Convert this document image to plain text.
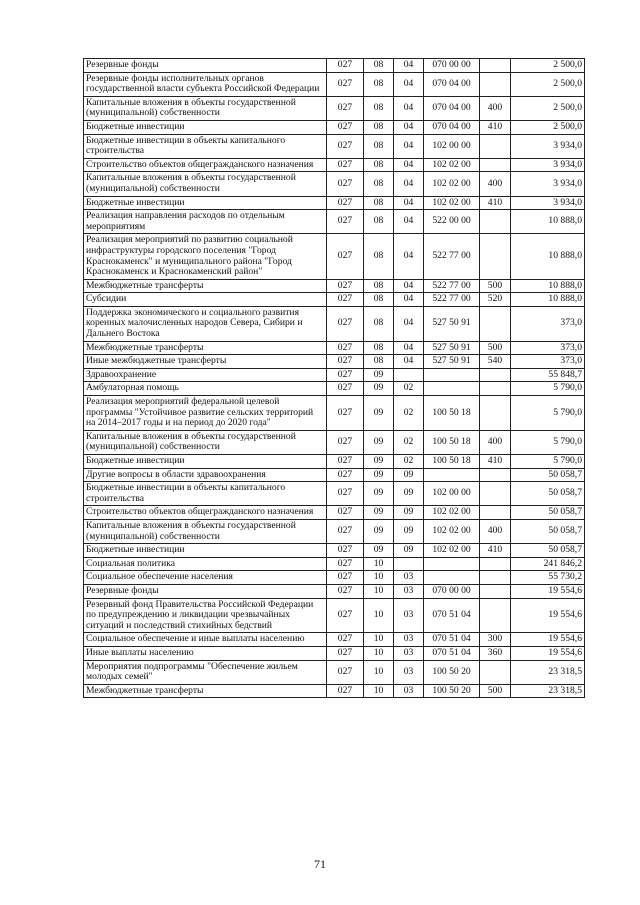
Резервные фонды	027	08	04	070 00 00		2 500,0
Резервные фонды исполнительных органов государственной власти субъекта Российской Федерации	027	08	04	070 04 00		2 500,0
Капитальные вложения в объекты государственной (муниципальной) собственности	027	08	04	070 04 00	400	2 500,0
Бюджетные инвестиции	027	08	04	070 04 00	410	2 500,0
Бюджетные инвестиции в объекты капитального строительства	027	08	04	102 00 00		3 934,0
Строительство объектов общегражданского назначения	027	08	04	102 02 00		3 934,0
Капитальные вложения в объекты государственной (муниципальной) собственности	027	08	04	102 02 00	400	3 934,0
Бюджетные инвестиции	027	08	04	102 02 00	410	3 934,0
Реализация направления расходов по отдельным мероприятиям	027	08	04	522 00 00		10 888,0
Реализация мероприятий по развитию социальной инфраструктуры городского поселения "Город Краснокаменск" и муниципального района "Город Краснокаменск и Краснокаменский район"	027	08	04	522 77 00		10 888,0
Межбюджетные трансферты	027	08	04	522 77 00	500	10 888,0
Субсидии	027	08	04	522 77 00	520	10 888,0
Поддержка экономического и социального развития коренных малочисленных народов Севера, Сибири и Дальнего Востока	027	08	04	527 50 91		373,0
Межбюджетные трансферты	027	08	04	527 50 91	500	373,0
Иные межбюджетные трансферты	027	08	04	527 50 91	540	373,0
Здравоохранение	027	09				55 848,7
Амбулаторная помощь	027	09	02			5 790,0
Реализация мероприятий федеральной целевой программы "Устойчивое развитие сельских территорий на 2014–2017 годы и на период до 2020 года"	027	09	02	100 50 18		5 790,0
Капитальные вложения в объекты государственной (муниципальной) собственности	027	09	02	100 50 18	400	5 790,0
Бюджетные инвестиции	027	09	02	100 50 18	410	5 790,0
Другие вопросы в области здравоохранения	027	09	09			50 058,7
Бюджетные инвестиции в объекты капитального строительства	027	09	09	102 00 00		50 058,7
Строительство объектов общегражданского назначения	027	09	09	102 02 00		50 058,7
Капитальные вложения в объекты государственной (муниципальной) собственности	027	09	09	102 02 00	400	50 058,7
Бюджетные инвестиции	027	09	09	102 02 00	410	50 058,7
Социальная политика	027	10				241 846,2
Социальное обеспечение населения	027	10	03			55 730,2
Резервные фонды	027	10	03	070 00 00		19 554,6
Резервный фонд Правительства Российской Федерации по предупреждению и ликвидации чрезвычайных ситуаций и последствий стихийных бедствий	027	10	03	070 51 04		19 554,6
Социальное обеспечение и иные выплаты населению	027	10	03	070 51 04	300	19 554,6
Иные выплаты населению	027	10	03	070 51 04	360	19 554,6
Мероприятия подпрограммы "Обеспечение жильем молодых семей"	027	10	03	100 50 20		23 318,5
Межбюджетные трансферты	027	10	03	100 50 20	500	23 318,5
71
